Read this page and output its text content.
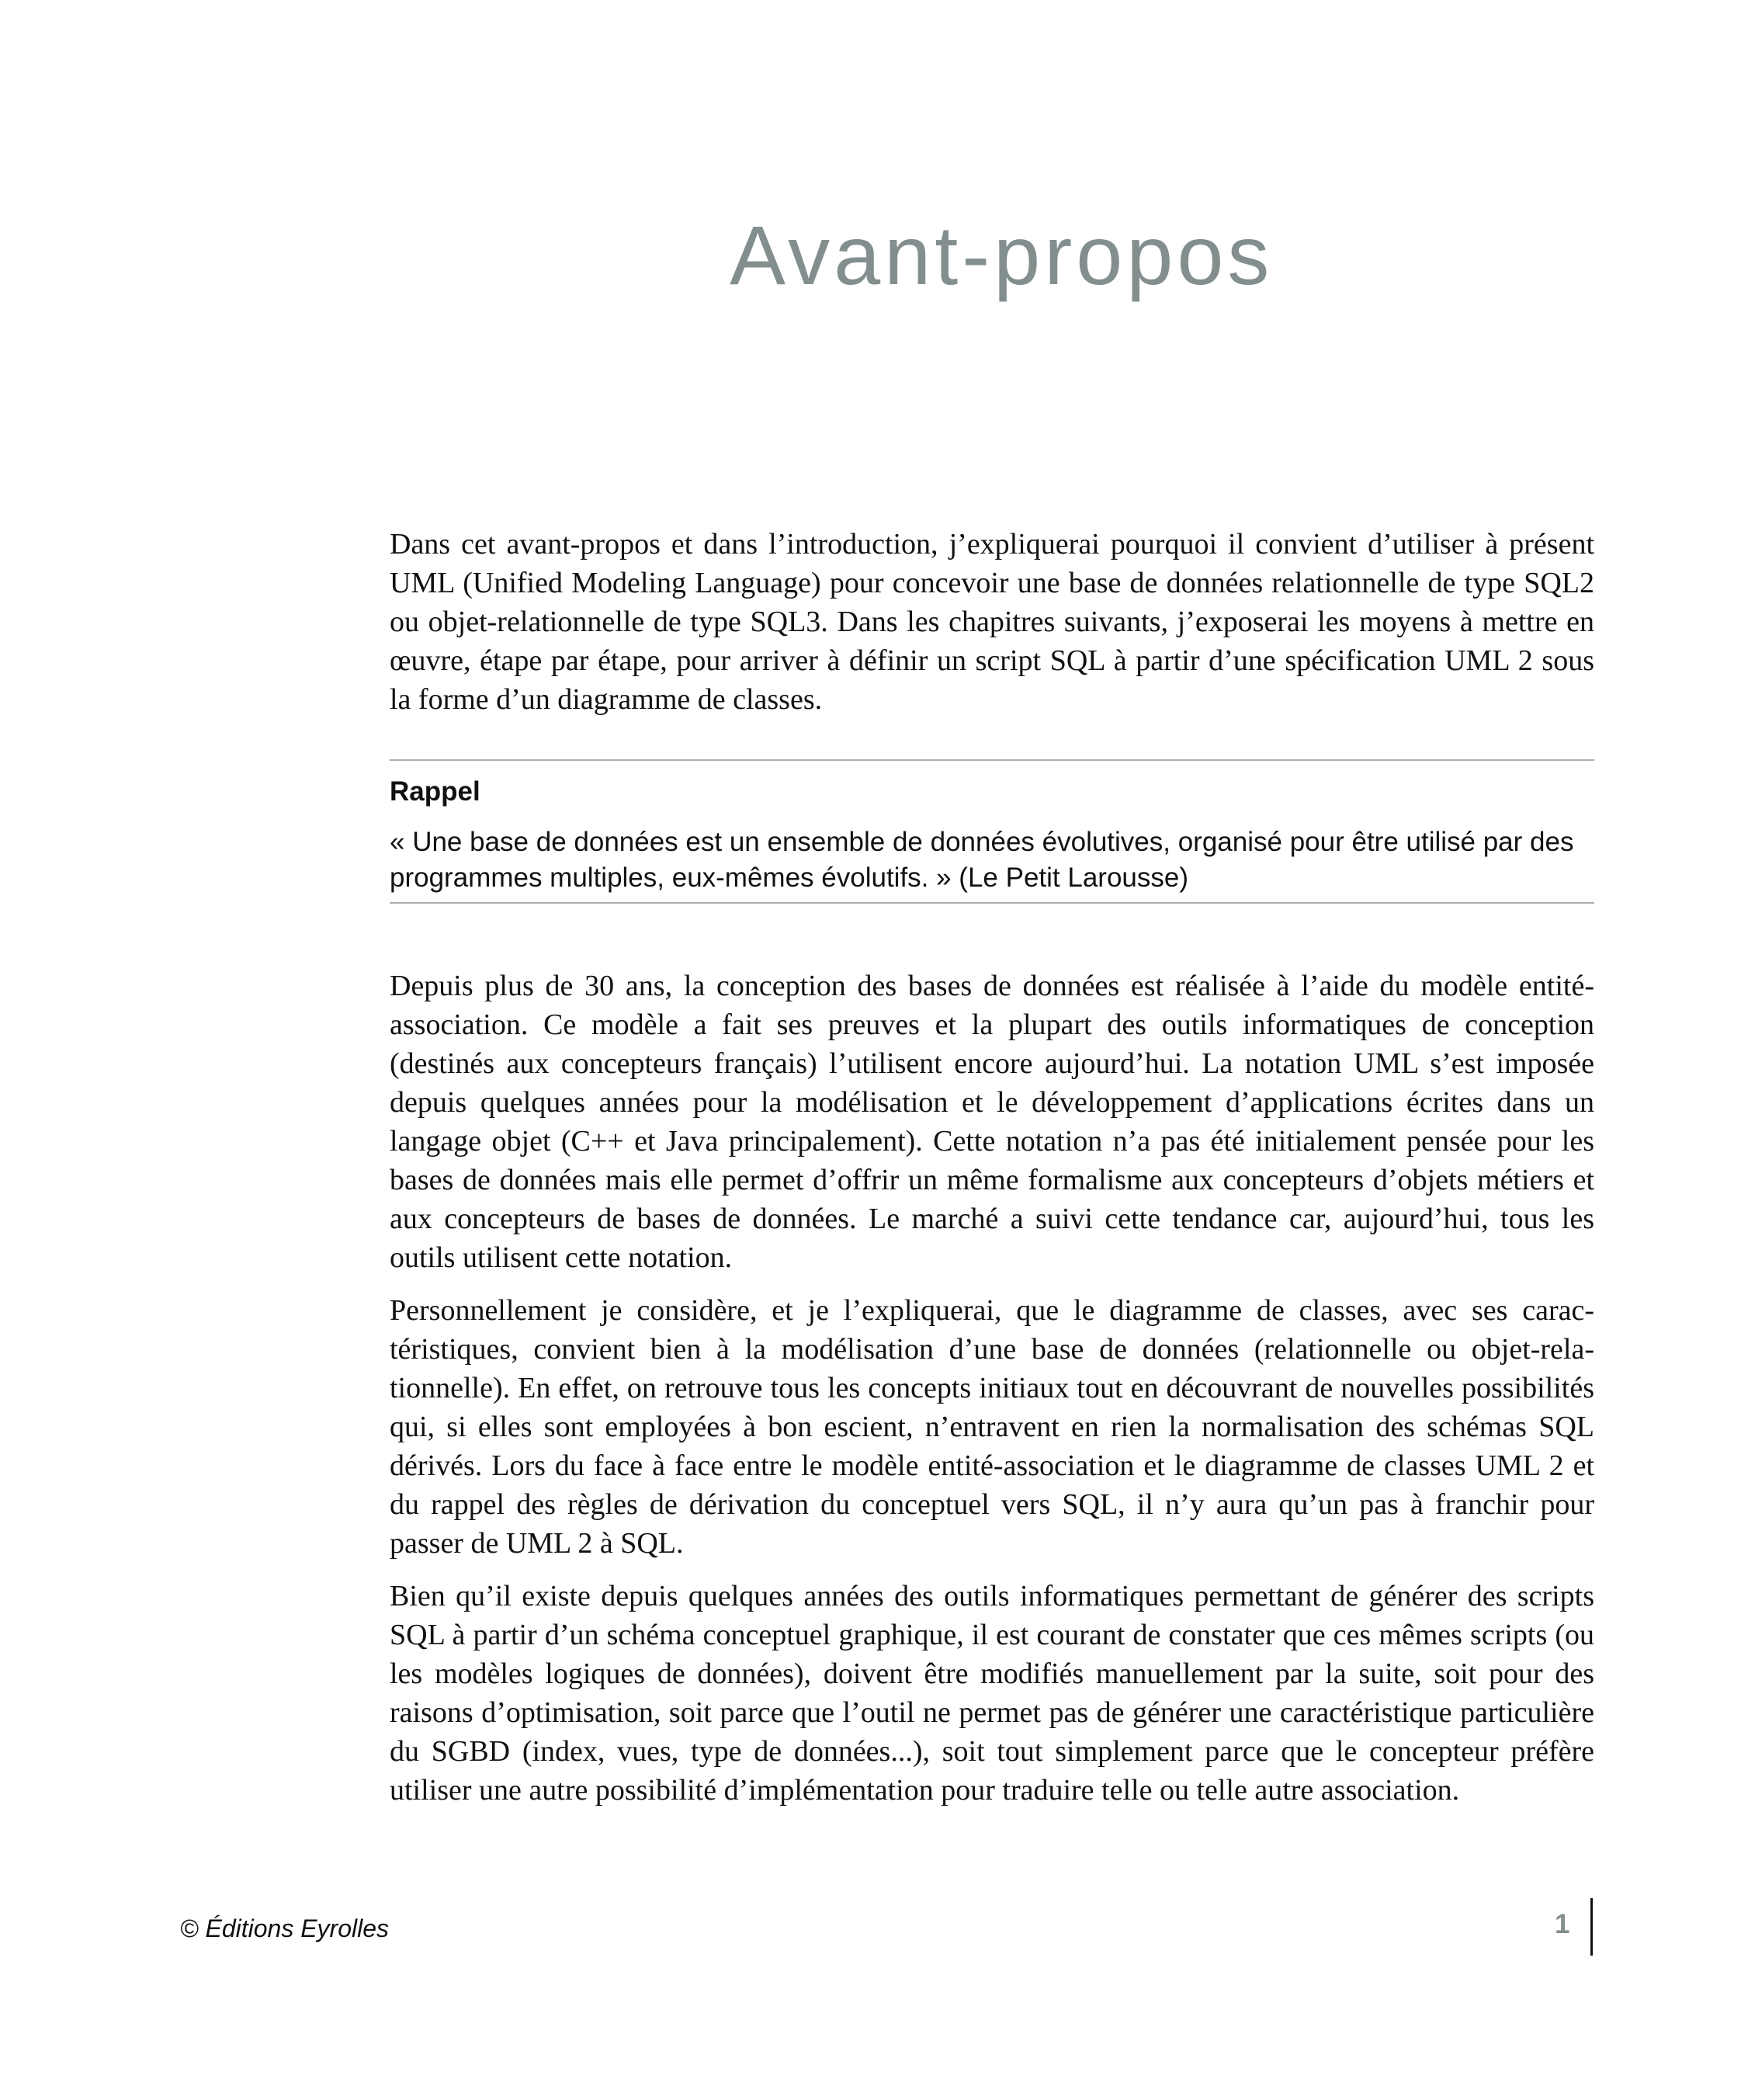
Avant-propos

Dans cet avant-propos et dans l’introduction, j’expliquerai pourquoi il convient d’utiliser à présent UML (Unified Modeling Language) pour concevoir une base de données relationnelle de type SQL2 ou objet-relationnelle de type SQL3. Dans les chapitres suivants, j’exposerai les moyens à mettre en œuvre, étape par étape, pour arriver à définir un script SQL à partir d’une spécification UML 2 sous la forme d’un diagramme de classes.

Rappel

« Une base de données est un ensemble de données évolutives, organisé pour être utilisé par des programmes multiples, eux-mêmes évolutifs. » (Le Petit Larousse)

Depuis plus de 30 ans, la conception des bases de données est réalisée à l’aide du modèle entité-association. Ce modèle a fait ses preuves et la plupart des outils informatiques de conception (destinés aux concepteurs français) l’utilisent encore aujourd’hui. La notation UML s’est imposée depuis quelques années pour la modélisation et le développement d’applications écrites dans un langage objet (C++ et Java principalement). Cette notation n’a pas été initialement pensée pour les bases de données mais elle permet d’offrir un même formalisme aux concepteurs d’objets métiers et aux concepteurs de bases de données. Le marché a suivi cette tendance car, aujourd’hui, tous les outils utilisent cette notation.

Personnellement je considère, et je l’expliquerai, que le diagramme de classes, avec ses caractéristiques, convient bien à la modélisation d’une base de données (relationnelle ou objet-relationnelle). En effet, on retrouve tous les concepts initiaux tout en découvrant de nouvelles possibilités qui, si elles sont employées à bon escient, n’entravent en rien la normalisation des schémas SQL dérivés. Lors du face à face entre le modèle entité-association et le diagramme de classes UML 2 et du rappel des règles de dérivation du conceptuel vers SQL, il n’y aura qu’un pas à franchir pour passer de UML 2 à SQL.

Bien qu’il existe depuis quelques années des outils informatiques permettant de générer des scripts SQL à partir d’un schéma conceptuel graphique, il est courant de constater que ces mêmes scripts (ou les modèles logiques de données), doivent être modifiés manuellement par la suite, soit pour des raisons d’optimisation, soit parce que l’outil ne permet pas de générer une caractéristique particulière du SGBD (index, vues, type de données...), soit tout simplement parce que le concepteur préfère utiliser une autre possibilité d’implémentation pour traduire telle ou telle autre association.

© Éditions Eyrolles	1
